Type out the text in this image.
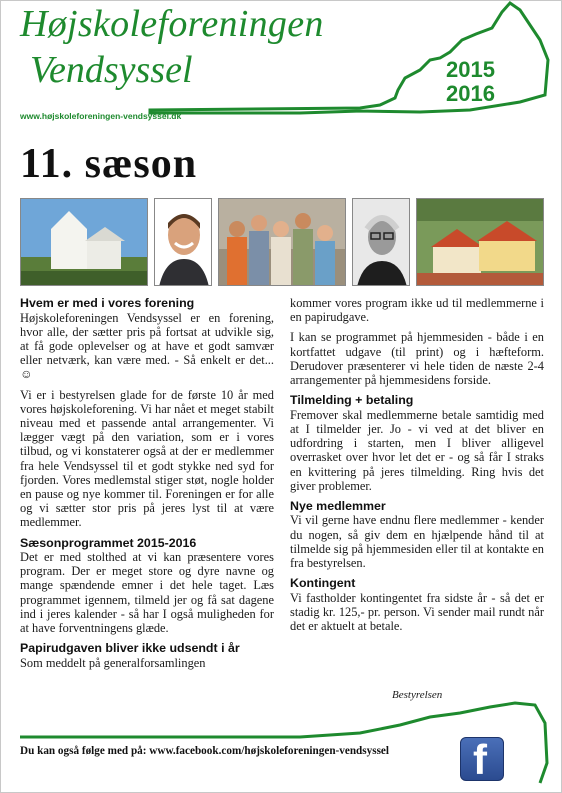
Højskoleforeningen
Vendsyssel	2015
2016
www.højskoleforeningen-vendsyssel.dk
11. sæson
Hvem er med i vores forening

Højskoleforeningen Vendsyssel er en forening, hvor alle, der sætter pris på fortsat at udvikle sig, at få gode oplevelser og at have et godt samvær eller netværk, kan være med. - Så enkelt er det... ☺

Vi er i bestyrelsen glade for de første 10 år med vores højskoleforening. Vi har nået et meget stabilt niveau med et passende antal arrangementer. Vi lægger vægt på den variation, som er i vores tilbud, og vi konstaterer også at der er medlemmer fra hele Vendsyssel til et godt stykke ned syd for fjorden. Vores medlemstal stiger støt, nogle holder en pause og nye kommer til. Foreningen er for alle og vi sætter stor pris på jeres lyst til at være medlemmer.

Sæsonprogrammet 2015-2016

Det er med stolthed at vi kan præsentere vores program. Der er meget store og dyre navne og mange spændende emner i det hele taget. Læs programmet igennem, tilmeld jer og få sat dagene ind i jeres kalender - så har I også muligheden for at have forventningens glæde.

Papirudgaven bliver ikke udsendt i år

Som meddelt på generalforsamlingen

kommer vores program ikke ud til medlemmerne i en papirudgave.

I kan se programmet på hjemmesiden - både i en kortfattet udgave (til print) og i hæfteform. Derudover præsenterer vi hele tiden de næste 2-4 arrangementer på hjemmesidens forside.

Tilmelding + betaling

Fremover skal medlemmerne betale samtidig med at I tilmelder jer. Jo - vi ved at det bliver en udfordring i starten, men I bliver alligevel overrasket over hvor let det er - og så får I straks en kvittering på jeres tilmelding. Ring hvis det giver problemer.

Nye medlemmer

Vi vil gerne have endnu flere medlemmer - kender du nogen, så giv dem en hjælpende hånd til at tilmelde sig på hjemmesiden eller til at kontakte en fra bestyrelsen.

Kontingent

Vi fastholder kontingentet fra sidste år - så det er stadig kr. 125,- pr. person. Vi sender mail rundt når det er aktuelt at betale.

Bestyrelsen
Du kan også følge med på: www.facebook.com/højskoleforeningen-vendsyssel f
